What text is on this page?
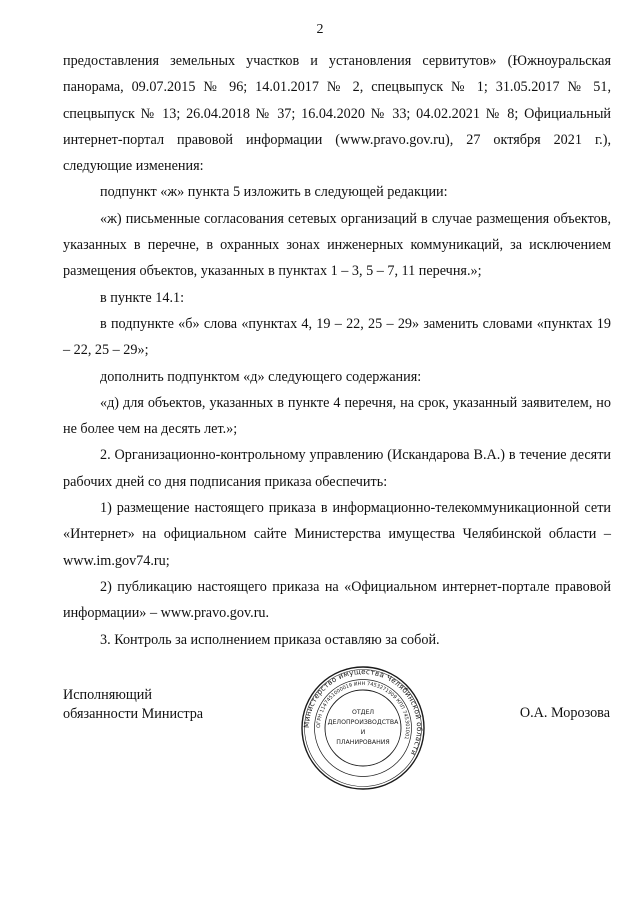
2

предоставления земельных участков и установления сервитутов» (Южноуральская панорама, 09.07.2015 № 96; 14.01.2017 № 2, спецвыпуск № 1; 31.05.2017 № 51, спецвыпуск № 13; 26.04.2018 № 37; 16.04.2020 № 33; 04.02.2021 № 8; Официальный интернет-портал правовой информации (www.pravo.gov.ru), 27 октября 2021 г.), следующие изменения:

подпункт «ж» пункта 5 изложить в следующей редакции:

«ж) письменные согласования сетевых организаций в случае размещения объектов, указанных в перечне, в охранных зонах инженерных коммуникаций, за исключением размещения объектов, указанных в пунктах 1 – 3, 5 – 7, 11 перечня.»;

в пункте 14.1:

в подпункте «б» слова «пунктах 4, 19 – 22, 25 – 29» заменить словами «пунктах 19 – 22, 25 – 29»;

дополнить подпунктом «д» следующего содержания:

«д) для объектов, указанных в пункте 4 перечня, на срок, указанный заявителем, но не более чем на десять лет.»;

2. Организационно-контрольному управлению (Искандарова В.А.) в течение десяти рабочих дней со дня подписания приказа обеспечить:

1) размещение настоящего приказа в информационно-телекоммуникационной сети «Интернет» на официальном сайте Министерства имущества Челябинской области – www.im.gov74.ru;

2) публикацию настоящего приказа на «Официальном интернет-портале правовой информации» – www.pravo.gov.ru.

3. Контроль за исполнением приказа оставляю за собой.

Исполняющий
обязанности Министра	О.А. Морозова
Министерство имущества Челябинской области
ОГРН 1147451000019 ИНН 7453271909 КПП 745301001
ОТДЕЛ
ДЕЛОПРОИЗВОДСТВА
И
ПЛАНИРОВАНИЯ
